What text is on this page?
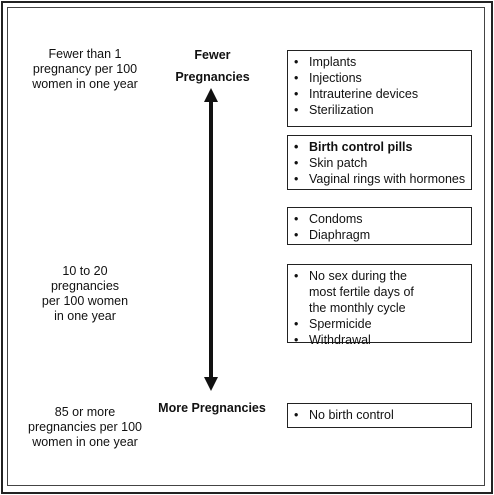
Fewer than 1
pregnancy per 100
women in one year
10 to 20
pregnancies
per 100 women
in one year
85 or more
pregnancies per 100
women in one year
Fewer
Pregnancies
More Pregnancies
• Implants
• Injections
• Intrauterine devices
• Sterilization
• Birth control pills
• Skin patch
• Vaginal rings with hormones
• Condoms
• Diaphragm
• No sex during the most fertile days of the monthly cycle
• Spermicide
• Withdrawal
• No birth control
